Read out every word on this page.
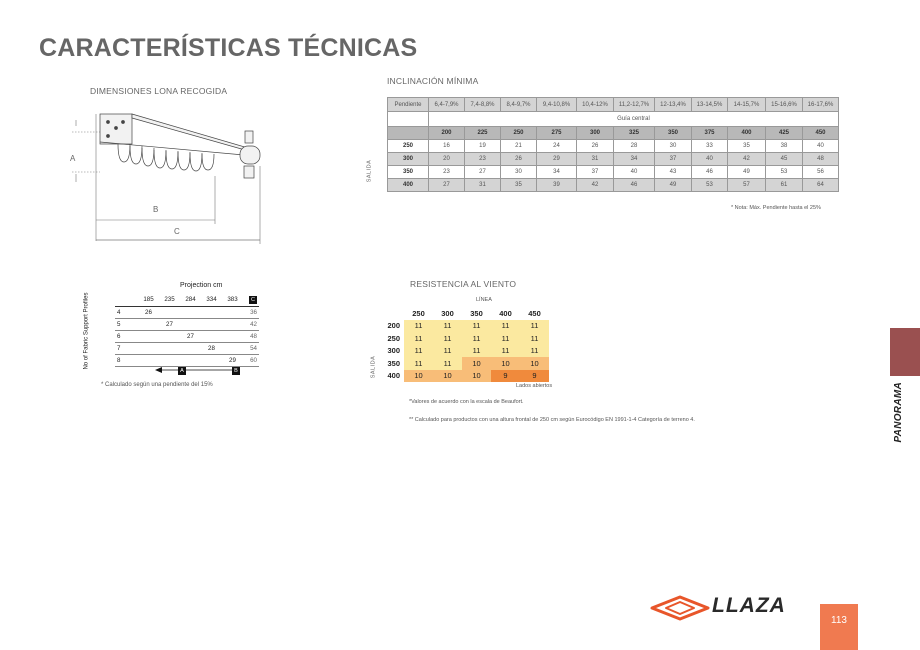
CARACTERÍSTICAS TÉCNICAS
DIMENSIONES LONA RECOGIDA
A
B
C
INCLINACIÓN MÍNIMA
Pendiente	6,4-7,9%	7,4-8,8%	8,4-9,7%	9,4-10,8%	10,4-12%	11,2-12,7%	12-13,4%	13-14,5%	14-15,7%	15-16,6%	16-17,6%
	Guía central										
	200	225	250	275	300	325	350	375	400	425	450
250	16	19	21	24	26	28	30	33	35	38	40
300	20	23	26	29	31	34	37	40	42	45	48
350	23	27	30	34	37	40	43	46	49	53	56
400	27	31	35	39	42	46	49	53	57	61	64
SALIDA
* Nota: Máx. Pendiente hasta el 25%
Projection cm
No of Fabric Support Profiles
		185	235	284	334	383	C
4	26					36
5		27				42
6			27			48
7				28		54
8					29	60
A	B
* Calculado según una pendiente del 15%
RESISTENCIA AL VIENTO
LÍNEA
SALIDA
	250	300	350	400	450
200	11	11	11	11	11
250	11	11	11	11	11
300	11	11	11	11	11
350	11	11	10	10	10
400	10	10	10	9	9
Lados abiertos
*Valores de acuerdo con la escala de Beaufort.
** Calculado para productos con una altura frontal de 250 cm según Eurocódigo EN 1991-1-4 Categoría de terreno 4.	PANORAMA
LLAZA
113
